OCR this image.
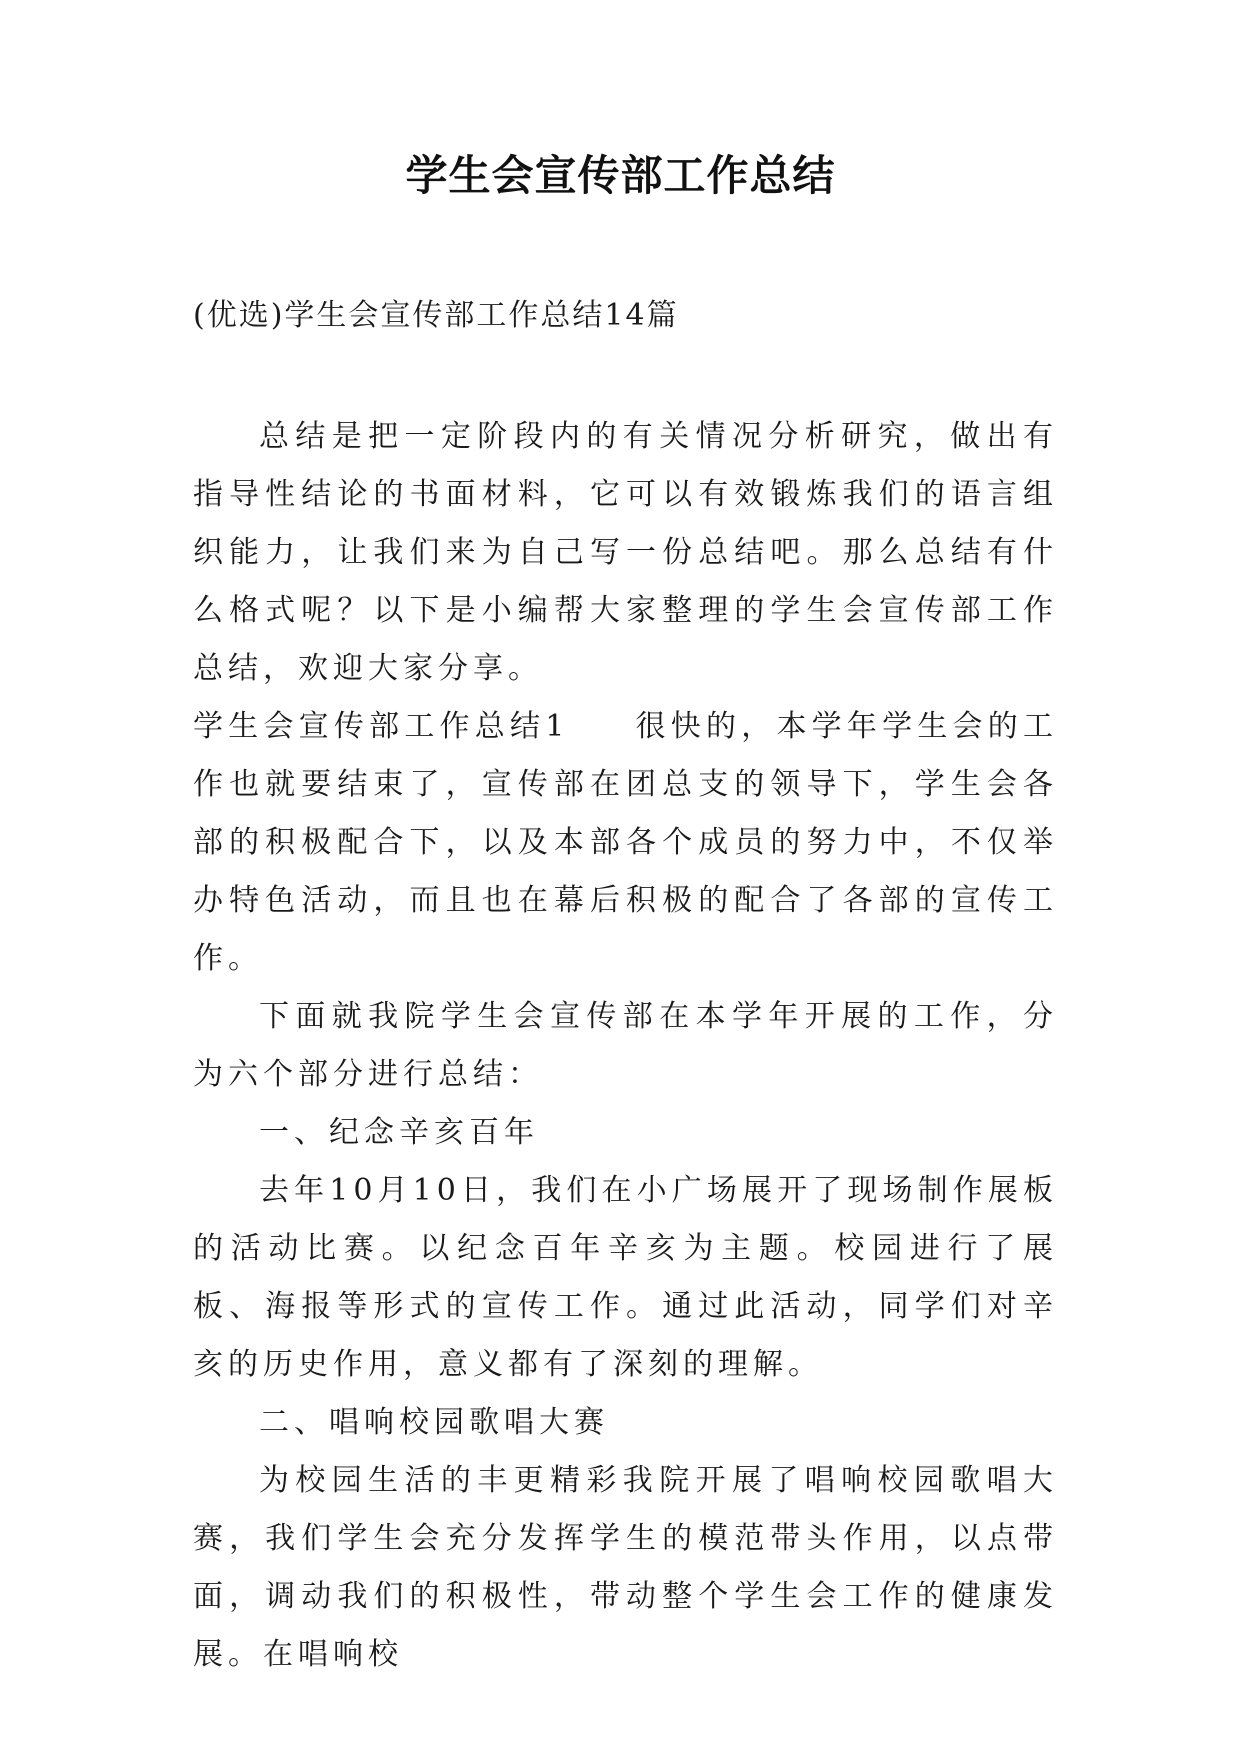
学生会宣传部工作总结
(优选)学生会宣传部工作总结14篇

总结是把一定阶段内的有关情况分析研究，做出有指导性结论的书面材料，它可以有效锻炼我们的语言组织能力，让我们来为自己写一份总结吧。那么总结有什么格式呢？以下是小编帮大家整理的学生会宣传部工作总结，欢迎大家分享。

学生会宣传部工作总结1 很快的，本学年学生会的工作也就要结束了，宣传部在团总支的领导下，学生会各部的积极配合下，以及本部各个成员的努力中，不仅举办特色活动，而且也在幕后积极的配合了各部的宣传工作。

下面就我院学生会宣传部在本学年开展的工作，分为六个部分进行总结：

一、纪念辛亥百年

去年10月10日，我们在小广场展开了现场制作展板的活动比赛。以纪念百年辛亥为主题。校园进行了展板、海报等形式的宣传工作。通过此活动，同学们对辛亥的历史作用，意义都有了深刻的理解。

二、唱响校园歌唱大赛

为校园生活的丰更精彩我院开展了唱响校园歌唱大赛，我们学生会充分发挥学生的模范带头作用，以点带面，调动我们的积极性，带动整个学生会工作的健康发展。在唱响校
